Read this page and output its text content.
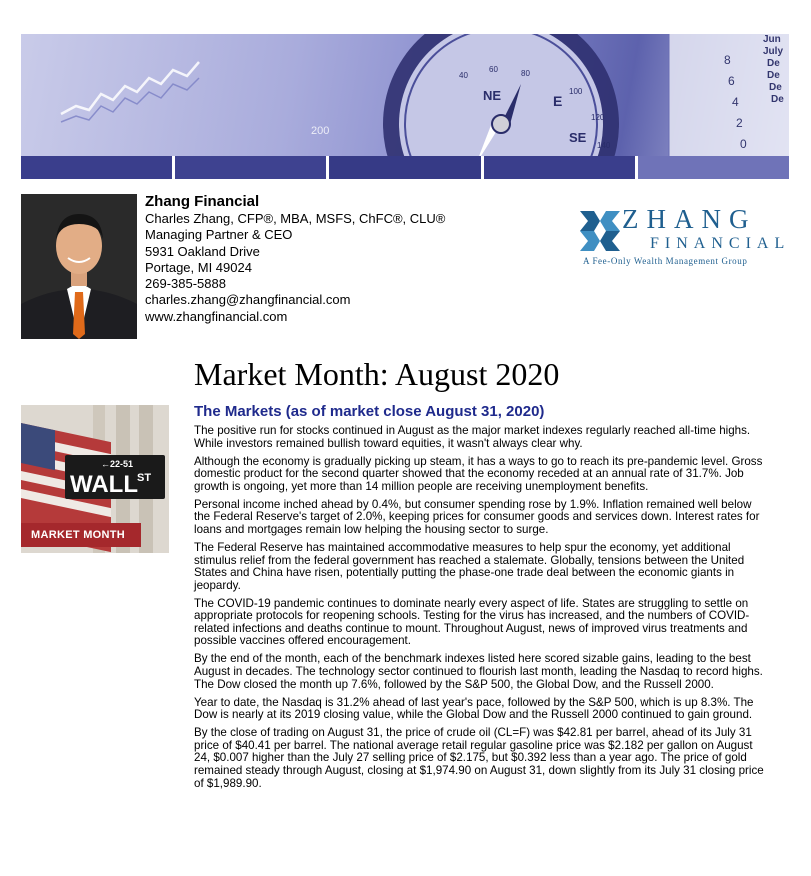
200
NE	E
SE
40
60	80
100
120
140
8
6
4
2
0
Jun
July
De
De
De
De
Zhang Financial
Charles Zhang, CFP®, MBA, MSFS, ChFC®, CLU®
Managing Partner & CEO
5931 Oakland Drive
Portage, MI 49024
269-385-5888
charles.zhang@zhangfinancial.com
www.zhangfinancial.com
ZHANG
FINANCIAL
A Fee-Only Wealth Management Group
Market Month: August 2020
←22-51
WALL ST
MARKET MONTH
The Markets (as of market close August 31, 2020)

The positive run for stocks continued in August as the major market indexes regularly reached all-time highs. While investors remained bullish toward equities, it wasn't always clear why.

Although the economy is gradually picking up steam, it has a ways to go to reach its pre-pandemic level. Gross domestic product for the second quarter showed that the economy receded at an annual rate of 31.7%. Job growth is ongoing, yet more than 14 million people are receiving unemployment benefits.

Personal income inched ahead by 0.4%, but consumer spending rose by 1.9%. Inflation remained well below the Federal Reserve's target of 2.0%, keeping prices for consumer goods and services down. Interest rates for loans and mortgages remain low helping the housing sector to surge.

The Federal Reserve has maintained accommodative measures to help spur the economy, yet additional stimulus relief from the federal government has reached a stalemate. Globally, tensions between the United States and China have risen, potentially putting the phase-one trade deal between the economic giants in jeopardy.

The COVID-19 pandemic continues to dominate nearly every aspect of life. States are struggling to settle on appropriate protocols for reopening schools. Testing for the virus has increased, and the numbers of COVID-related infections and deaths continue to mount. Throughout August, news of improved virus treatments and possible vaccines offered encouragement.

By the end of the month, each of the benchmark indexes listed here scored sizable gains, leading to the best August in decades. The technology sector continued to flourish last month, leading the Nasdaq to record highs. The Dow closed the month up 7.6%, followed by the S&P 500, the Global Dow, and the Russell 2000.

Year to date, the Nasdaq is 31.2% ahead of last year's pace, followed by the S&P 500, which is up 8.3%. The Dow is nearly at its 2019 closing value, while the Global Dow and the Russell 2000 continued to gain ground.

By the close of trading on August 31, the price of crude oil (CL=F) was $42.81 per barrel, ahead of its July 31 price of $40.41 per barrel. The national average retail regular gasoline price was $2.182 per gallon on August 24, $0.007 higher than the July 27 selling price of $2.175, but $0.392 less than a year ago. The price of gold remained steady through August, closing at $1,974.90 on August 31, down slightly from its July 31 closing price of $1,989.90.
